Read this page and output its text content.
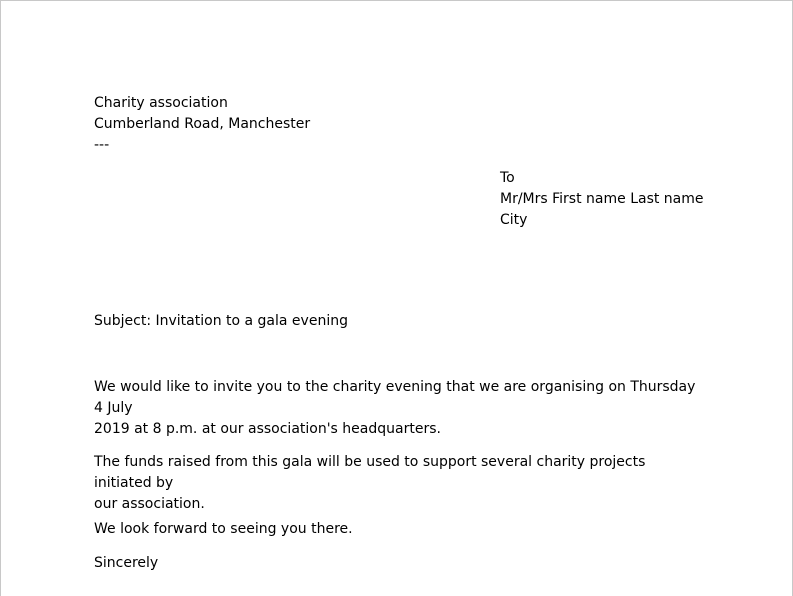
Charity association
Cumberland Road, Manchester
---
To
Mr/Mrs First name Last name
City
Subject: Invitation to a gala evening

We would like to invite you to the charity evening that we are organising on Thursday 4 July
2019 at 8 p.m. at our association's headquarters.

The funds raised from this gala will be used to support several charity projects initiated by
our association.

We look forward to seeing you there.
Sincerely
